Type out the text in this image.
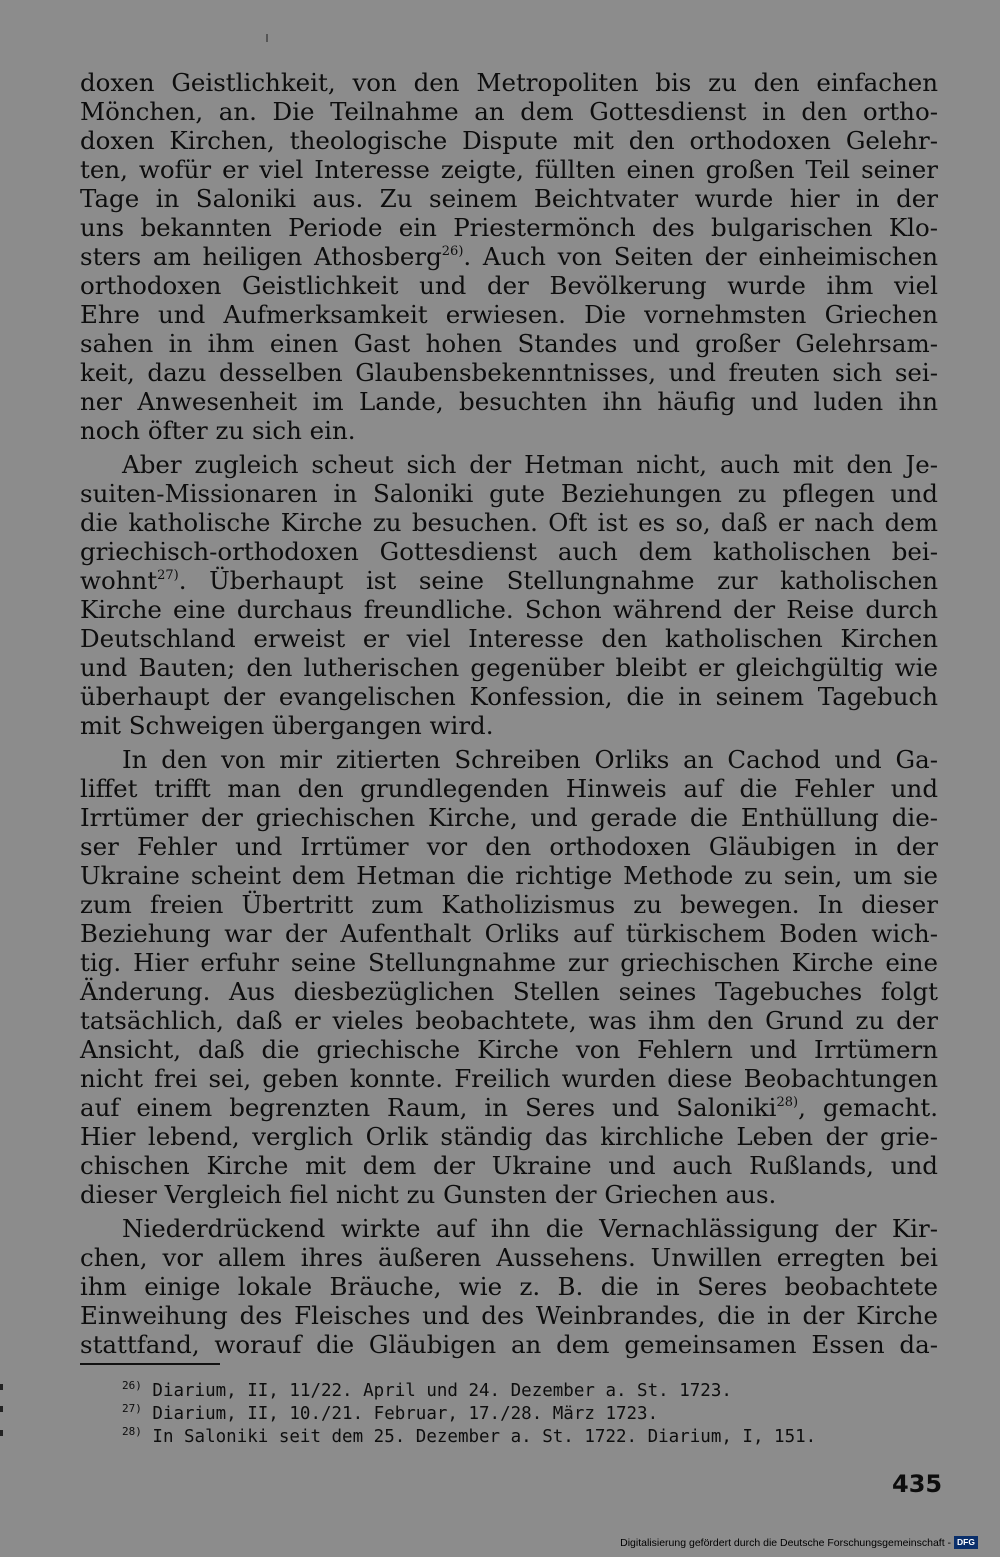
doxen Geistlichkeit, von den Metropoliten bis zu den einfachen
Mönchen, an. Die Teilnahme an dem Gottesdienst in den ortho-
doxen Kirchen, theologische Dispute mit den orthodoxen Gelehr-
ten, wofür er viel Interesse zeigte, füllten einen großen Teil seiner
Tage in Saloniki aus. Zu seinem Beichtvater wurde hier in der
uns bekannten Periode ein Priestermönch des bulgarischen Klo-
sters am heiligen Athosberg$^{26)}$. Auch von Seiten der einheimischen
orthodoxen Geistlichkeit und der Bevölkerung wurde ihm viel
Ehre und Aufmerksamkeit erwiesen. Die vornehmsten Griechen
sahen in ihm einen Gast hohen Standes und großer Gelehrsam-
keit, dazu desselben Glaubensbekenntnisses, und freuten sich sei-
ner Anwesenheit im Lande, besuchten ihn häufig und luden ihn
noch öfter zu sich ein.
Aber zugleich scheut sich der Hetman nicht, auch mit den Je-
suiten-Missionaren in Saloniki gute Beziehungen zu pflegen und
die katholische Kirche zu besuchen. Oft ist es so, daß er nach dem
griechisch-orthodoxen Gottesdienst auch dem katholischen bei-
wohnt$^{27)}$. Überhaupt ist seine Stellungnahme zur katholischen
Kirche eine durchaus freundliche. Schon während der Reise durch
Deutschland erweist er viel Interesse den katholischen Kirchen
und Bauten; den lutherischen gegenüber bleibt er gleichgültig wie
überhaupt der evangelischen Konfession, die in seinem Tagebuch
mit Schweigen übergangen wird.
In den von mir zitierten Schreiben Orliks an Cachod und Ga-
liffet trifft man den grundlegenden Hinweis auf die Fehler und
Irrtümer der griechischen Kirche, und gerade die Enthüllung die-
ser Fehler und Irrtümer vor den orthodoxen Gläubigen in der
Ukraine scheint dem Hetman die richtige Methode zu sein, um sie
zum freien Übertritt zum Katholizismus zu bewegen. In dieser
Beziehung war der Aufenthalt Orliks auf türkischem Boden wich-
tig. Hier erfuhr seine Stellungnahme zur griechischen Kirche eine
Änderung. Aus diesbezüglichen Stellen seines Tagebuches folgt
tatsächlich, daß er vieles beobachtete, was ihm den Grund zu der
Ansicht, daß die griechische Kirche von Fehlern und Irrtümern
nicht frei sei, geben konnte. Freilich wurden diese Beobachtungen
auf einem begrenzten Raum, in Seres und Saloniki$^{28)}$, gemacht.
Hier lebend, verglich Orlik ständig das kirchliche Leben der grie-
chischen Kirche mit dem der Ukraine und auch Rußlands, und
dieser Vergleich fiel nicht zu Gunsten der Griechen aus.
Niederdrückend wirkte auf ihn die Vernachlässigung der Kir-
chen, vor allem ihres äußeren Aussehens. Unwillen erregten bei
ihm einige lokale Bräuche, wie z. B. die in Seres beobachtete
Einweihung des Fleisches und des Weinbrandes, die in der Kirche
stattfand, worauf die Gläubigen an dem gemeinsamen Essen da-
$^{26)}$ Diarium, II, 11/22. April und 24. Dezember a. St. 1723.
$^{27)}$ Diarium, II, 10./21. Februar, 17./28. März 1723.
$^{28)}$ In Saloniki seit dem 25. Dezember a. St. 1722. Diarium, I, 151.
435
Digitalisierung gefördert durch die Deutsche Forschungsgemeinschaft - DFG
